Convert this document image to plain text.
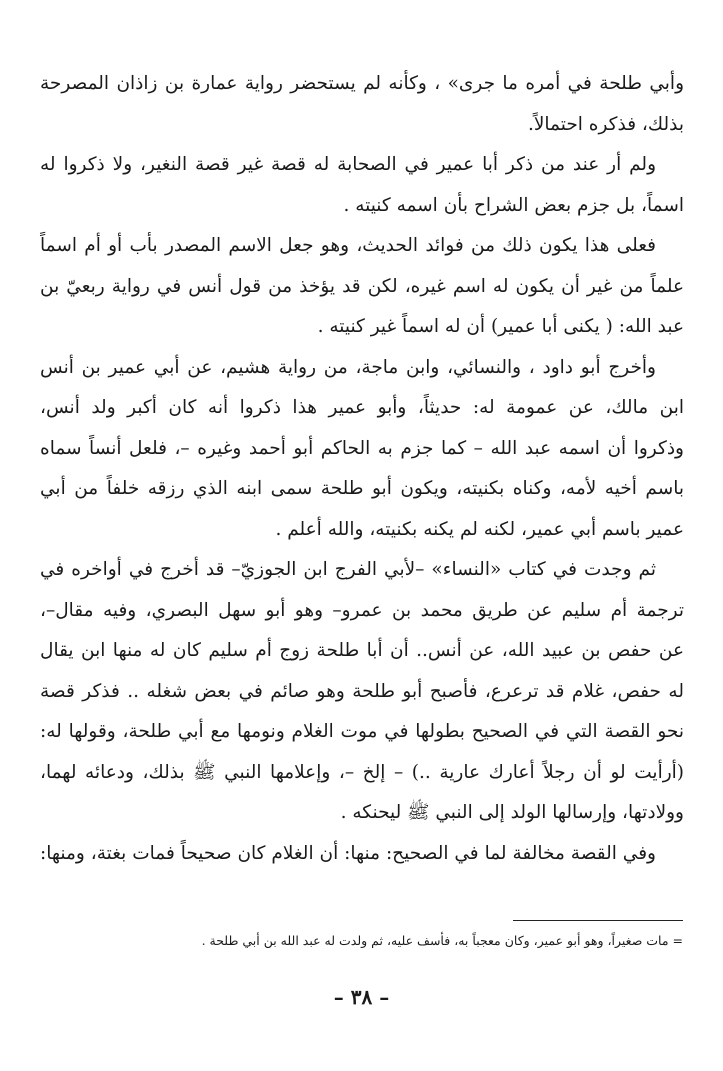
وأبي طلحة في أمره ما جرى» ، وكأنه لم يستحضر رواية عمارة بن زاذان المصرحة
بذلك، فذكره احتمالاً.
ولم أر عند من ذكر أبا عمير في الصحابة له قصة غير قصة النغير، ولا ذكروا له
اسماً، بل جزم بعض الشراح بأن اسمه كنيته .
فعلى هذا يكون ذلك من فوائد الحديث، وهو جعل الاسم المصدر بأب أو أم اسماً
علماً من غير أن يكون له اسم غيره، لكن قد يؤخذ من قول أنس في رواية ربعيّ بن
عبد الله: ( يكنى أبا عمير) أن له اسماً غير كنيته .
وأخرج أبو داود ، والنسائي، وابن ماجة، من رواية هشيم، عن أبي عمير بن أنس
ابن مالك، عن عمومة له: حديثاً، وأبو عمير هذا ذكروا أنه كان أكبر ولد أنس،
وذكروا أن اسمه عبد الله – كما جزم به الحاكم أبو أحمد وغيره –، فلعل أنساً سماه
باسم أخيه لأمه، وكناه بكنيته، ويكون أبو طلحة سمى ابنه الذي رزقه خلفاً من أبي
عمير باسم أبي عمير، لكنه لم يكنه بكنيته، والله أعلم .
ثم وجدت في كتاب «النساء» –لأبي الفرج ابن الجوزيّ– قد أخرج في أواخره في
ترجمة أم سليم عن طريق محمد بن عمرو– وهو أبو سهل البصري، وفيه مقال–،
عن حفص بن عبيد الله، عن أنس.. أن أبا طلحة زوج أم سليم كان له منها ابن يقال
له حفص، غلام قد ترعرع، فأصبح أبو طلحة وهو صائم في بعض شغله .. فذكر قصة
نحو القصة التي في الصحيح بطولها في موت الغلام ونومها مع أبي طلحة، وقولها له:
(أرأيت لو أن رجلاً أعارك عارية ..) – إلخ –، وإعلامها النبي ﷺ بذلك، ودعائه لهما،
وولادتها، وإرسالها الولد إلى النبي ﷺ ليحنكه .
وفي القصة مخالفة لما في الصحيح: منها: أن الغلام كان صحيحاً فمات بغتة، ومنها:
= مات صغيراً، وهو أبو عمير، وكان معجباً به، فأسف عليه، ثم ولدت له عبد الله بن أبي طلحة .
– ٣٨ –
